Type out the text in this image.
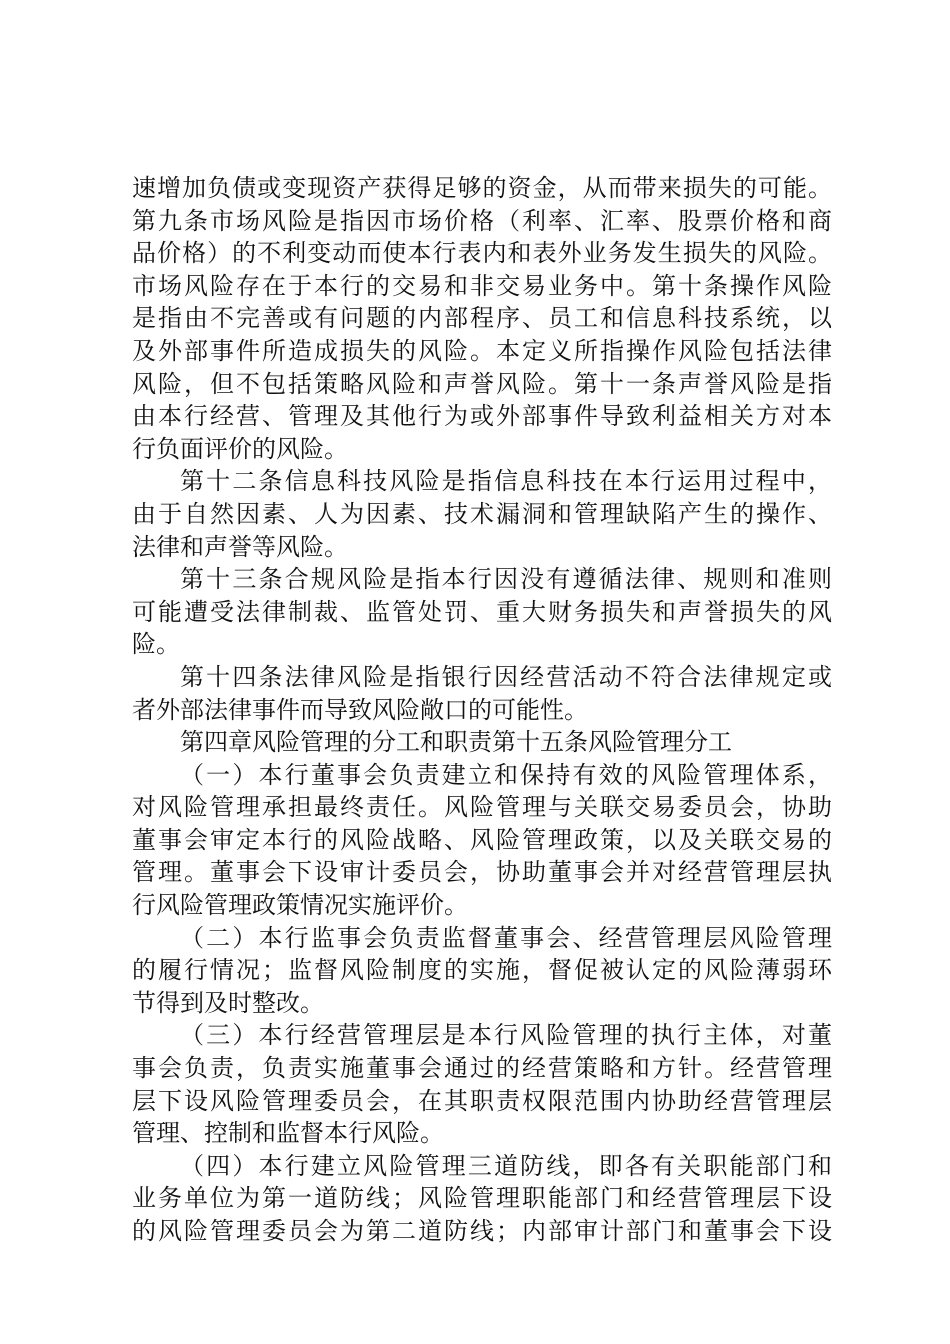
速增加负债或变现资产获得足够的资金，从而带来损失的可能。
第九条市场风险是指因市场价格（利率、汇率、股票价格和商
品价格）的不利变动而使本行表内和表外业务发生损失的风险。
市场风险存在于本行的交易和非交易业务中。第十条操作风险
是指由不完善或有问题的内部程序、员工和信息科技系统，以
及外部事件所造成损失的风险。本定义所指操作风险包括法律
风险，但不包括策略风险和声誉风险。第十一条声誉风险是指
由本行经营、管理及其他行为或外部事件导致利益相关方对本
行负面评价的风险。
第十二条信息科技风险是指信息科技在本行运用过程中，
由于自然因素、人为因素、技术漏洞和管理缺陷产生的操作、
法律和声誉等风险。
第十三条合规风险是指本行因没有遵循法律、规则和准则
可能遭受法律制裁、监管处罚、重大财务损失和声誉损失的风
险。
第十四条法律风险是指银行因经营活动不符合法律规定或
者外部法律事件而导致风险敞口的可能性。
第四章风险管理的分工和职责第十五条风险管理分工
（一）本行董事会负责建立和保持有效的风险管理体系，
对风险管理承担最终责任。风险管理与关联交易委员会，协助
董事会审定本行的风险战略、风险管理政策，以及关联交易的
管理。董事会下设审计委员会，协助董事会并对经营管理层执
行风险管理政策情况实施评价。
（二）本行监事会负责监督董事会、经营管理层风险管理
的履行情况；监督风险制度的实施，督促被认定的风险薄弱环
节得到及时整改。
（三）本行经营管理层是本行风险管理的执行主体，对董
事会负责，负责实施董事会通过的经营策略和方针。经营管理
层下设风险管理委员会，在其职责权限范围内协助经营管理层
管理、控制和监督本行风险。
（四）本行建立风险管理三道防线，即各有关职能部门和
业务单位为第一道防线；风险管理职能部门和经营管理层下设
的风险管理委员会为第二道防线；内部审计部门和董事会下设
